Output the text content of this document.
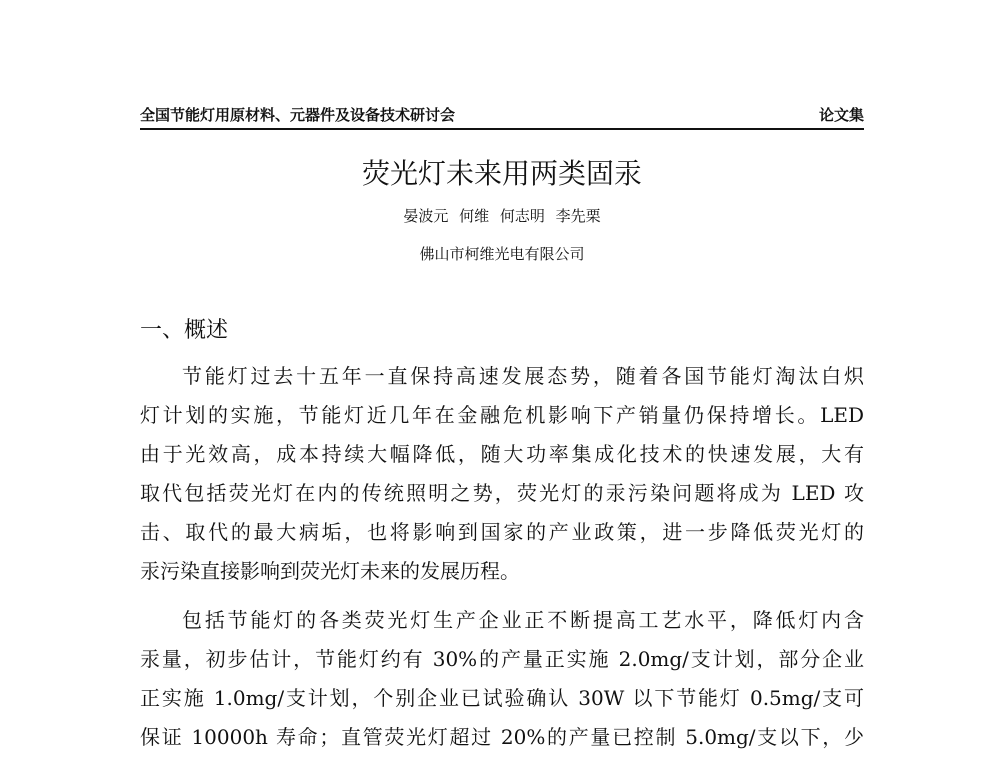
全国节能灯用原材料、元器件及设备技术研讨会	论文集
荧光灯未来用两类固汞
晏波元 何维 何志明 李先栗
佛山市柯维光电有限公司
一、概述
节能灯过去十五年一直保持高速发展态势，随着各国节能灯淘汰白炽
灯计划的实施，节能灯近几年在金融危机影响下产销量仍保持增长。LED
由于光效高，成本持续大幅降低，随大功率集成化技术的快速发展，大有
取代包括荧光灯在内的传统照明之势，荧光灯的汞污染问题将成为 LED 攻
击、取代的最大病垢，也将影响到国家的产业政策，进一步降低荧光灯的
汞污染直接影响到荧光灯未来的发展历程。
包括节能灯的各类荧光灯生产企业正不断提高工艺水平，降低灯内含
汞量，初步估计，节能灯约有 30%的产量正实施 2.0mg/支计划，部分企业
正实施 1.0mg/支计划，个别企业已试验确认 30W 以下节能灯 0.5mg/支可
保证 10000h 寿命；直管荧光灯超过 20%的产量已控制 5.0mg/支以下，少
